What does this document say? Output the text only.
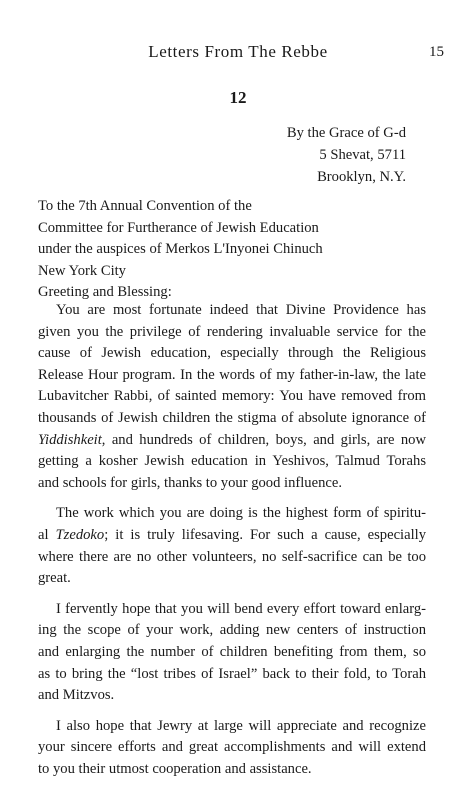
Letters From The Rebbe	15
12
By the Grace of G-d
5 Shevat, 5711
Brooklyn, N.Y.
To the 7th Annual Convention of the
Committee for Furtherance of Jewish Education
under the auspices of Merkos L'Inyonei Chinuch
New York City
Greeting and Blessing:

You are most fortunate indeed that Divine Providence has
given you the privilege of rendering invaluable service for the
cause of Jewish education, especially through the Religious
Release Hour program. In the words of my father-in-law, the late
Lubavitcher Rabbi, of sainted memory: You have removed from
thousands of Jewish children the stigma of absolute ignorance of
Yiddishkeit, and hundreds of children, boys, and girls, are now
getting a kosher Jewish education in Yeshivos, Talmud Torahs
and schools for girls, thanks to your good influence.

The work which you are doing is the highest form of spiritu-
al Tzedoko; it is truly lifesaving. For such a cause, especially
where there are no other volunteers, no self-sacrifice can be too
great.

I fervently hope that you will bend every effort toward enlarg-
ing the scope of your work, adding new centers of instruction
and enlarging the number of children benefiting from them, so
as to bring the “lost tribes of Israel” back to their fold, to Torah
and Mitzvos.

I also hope that Jewry at large will appreciate and recognize
your sincere efforts and great accomplishments and will extend
to you their utmost cooperation and assistance.
